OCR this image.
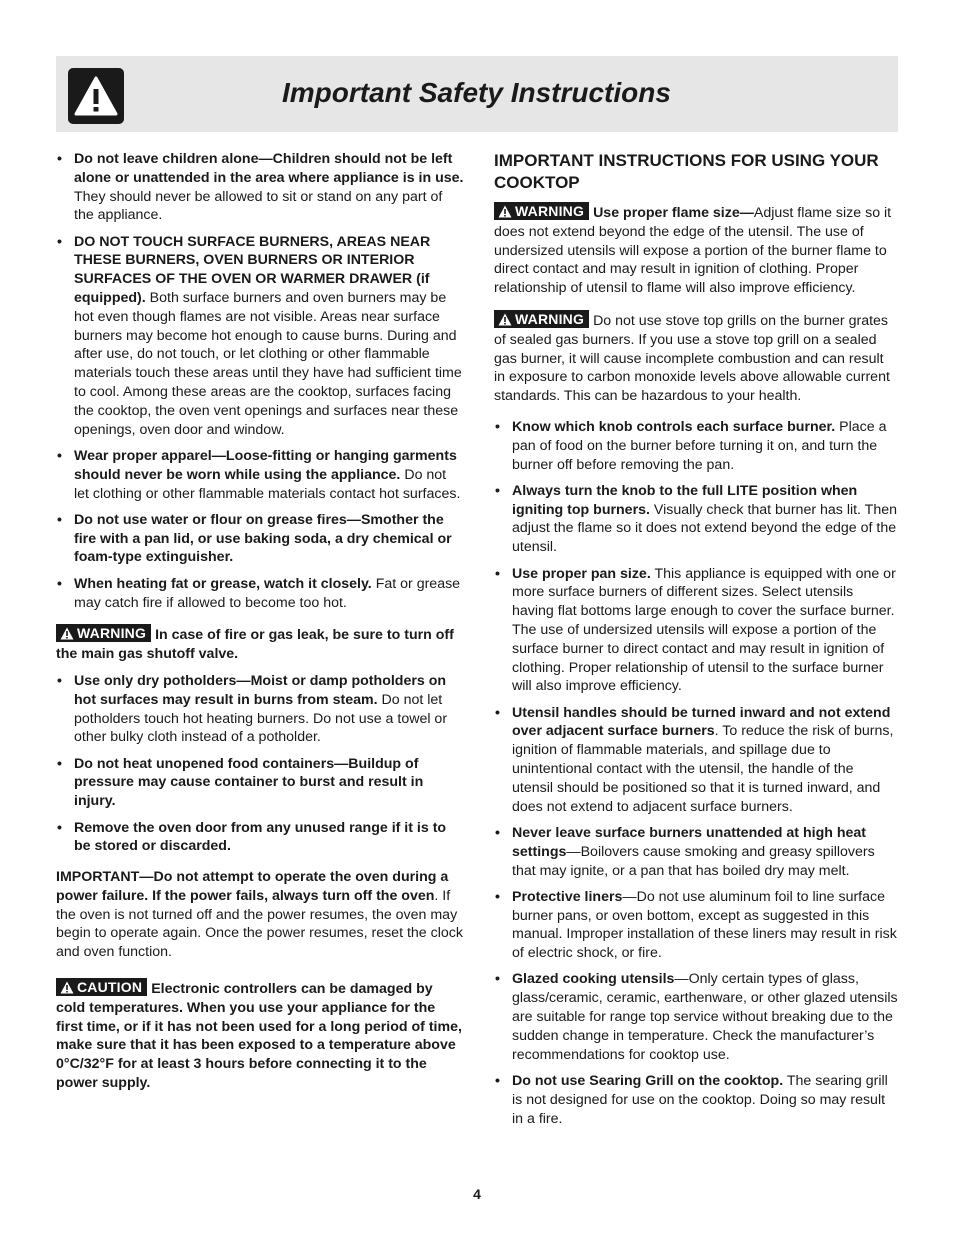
Important Safety Instructions
• Do not leave children alone—Children should not be left alone or unattended in the area where appliance is in use. They should never be allowed to sit or stand on any part of the appliance.
• DO NOT TOUCH SURFACE BURNERS, AREAS NEAR THESE BURNERS, OVEN BURNERS OR INTERIOR SURFACES OF THE OVEN OR WARMER DRAWER (if equipped). Both surface burners and oven burners may be hot even though flames are not visible. Areas near surface burners may become hot enough to cause burns. During and after use, do not touch, or let clothing or other flammable materials touch these areas until they have had sufficient time to cool. Among these areas are the cooktop, surfaces facing the cooktop, the oven vent openings and surfaces near these openings, oven door and window.
• Wear proper apparel—Loose-fitting or hanging garments should never be worn while using the appliance. Do not let clothing or other flammable materials contact hot surfaces.
• Do not use water or flour on grease fires—Smother the fire with a pan lid, or use baking soda, a dry chemical or foam-type extinguisher.
• When heating fat or grease, watch it closely. Fat or grease may catch fire if allowed to become too hot.
WARNING In case of fire or gas leak, be sure to turn off the main gas shutoff valve.
• Use only dry potholders—Moist or damp potholders on hot surfaces may result in burns from steam. Do not let potholders touch hot heating burners. Do not use a towel or other bulky cloth instead of a potholder.
• Do not heat unopened food containers—Buildup of pressure may cause container to burst and result in injury.
• Remove the oven door from any unused range if it is to be stored or discarded.
IMPORTANT—Do not attempt to operate the oven during a power failure. If the power fails, always turn off the oven. If the oven is not turned off and the power resumes, the oven may begin to operate again. Once the power resumes, reset the clock and oven function.
CAUTION Electronic controllers can be damaged by cold temperatures. When you use your appliance for the first time, or if it has not been used for a long period of time, make sure that it has been exposed to a temperature above 0°C/32°F for at least 3 hours before connecting it to the power supply.
IMPORTANT INSTRUCTIONS FOR USING YOUR COOKTOP
WARNING Use proper flame size—Adjust flame size so it does not extend beyond the edge of the utensil. The use of undersized utensils will expose a portion of the burner flame to direct contact and may result in ignition of clothing. Proper relationship of utensil to flame will also improve efficiency.
WARNING Do not use stove top grills on the burner grates of sealed gas burners. If you use a stove top grill on a sealed gas burner, it will cause incomplete combustion and can result in exposure to carbon monoxide levels above allowable current standards. This can be hazardous to your health.
• Know which knob controls each surface burner. Place a pan of food on the burner before turning it on, and turn the burner off before removing the pan.
• Always turn the knob to the full LITE position when igniting top burners. Visually check that burner has lit. Then adjust the flame so it does not extend beyond the edge of the utensil.
• Use proper pan size. This appliance is equipped with one or more surface burners of different sizes. Select utensils having flat bottoms large enough to cover the surface burner. The use of undersized utensils will expose a portion of the surface burner to direct contact and may result in ignition of clothing. Proper relationship of utensil to the surface burner will also improve efficiency.
• Utensil handles should be turned inward and not extend over adjacent surface burners. To reduce the risk of burns, ignition of flammable materials, and spillage due to unintentional contact with the utensil, the handle of the utensil should be positioned so that it is turned inward, and does not extend to adjacent surface burners.
• Never leave surface burners unattended at high heat settings—Boilovers cause smoking and greasy spillovers that may ignite, or a pan that has boiled dry may melt.
• Protective liners—Do not use aluminum foil to line surface burner pans, or oven bottom, except as suggested in this manual. Improper installation of these liners may result in risk of electric shock, or fire.
• Glazed cooking utensils—Only certain types of glass, glass/ceramic, ceramic, earthenware, or other glazed utensils are suitable for range top service without breaking due to the sudden change in temperature. Check the manufacturer’s recommendations for cooktop use.
• Do not use Searing Grill on the cooktop. The searing grill is not designed for use on the cooktop. Doing so may result in a fire.
4
